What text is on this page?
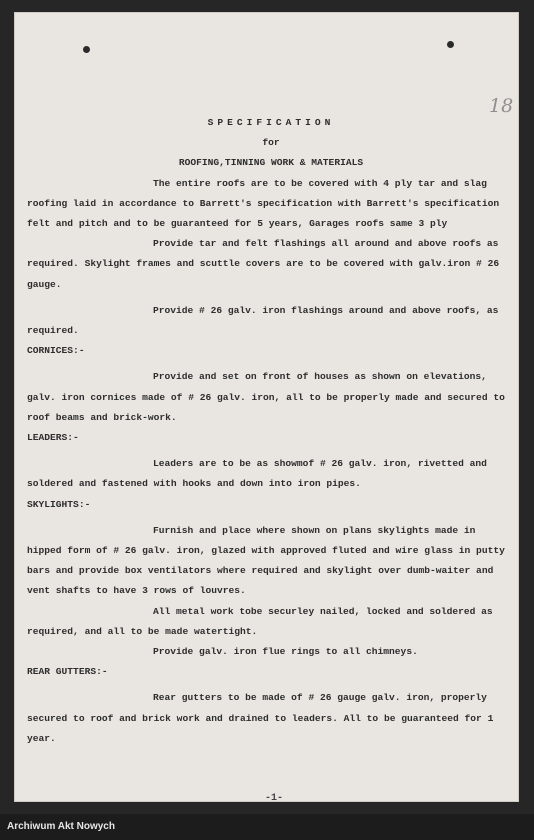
18

SPECIFICATION

for

ROOFING,TINNING WORK & MATERIALS

The entire roofs are to be covered with 4 ply tar and slag roofing laid in accordance to Barrett's specification with Barrett's specification felt and pitch and to be guaranteed for 5 years, Garages roofs same 3 ply

Provide tar and felt flashings all around and above roofs as required. Skylight frames and scuttle covers are to be covered with galv.iron # 26 gauge.

Provide # 26 galv. iron flashings around and above roofs, as required.

CORNICES:-

Provide and set on front of houses as shown on elevations, galv. iron cornices made of # 26 galv. iron, all to be properly made and secured to roof beams and brick-work.

LEADERS:-

Leaders are to be as showmof # 26 galv. iron, rivetted and soldered and fastened with hooks and down into iron pipes.

SKYLIGHTS:-

Furnish and place where shown on plans skylights made in hipped form of # 26 galv. iron, glazed with approved fluted and wire glass in putty bars and provide box ventilators where required and skylight over dumb-waiter and vent shafts to have 3 rows of louvres.

All metal work tobe securley nailed, locked and soldered as required, and all to be made watertight.

Provide galv. iron flue rings to all chimneys.

REAR GUTTERS:-

Rear gutters to be made of # 26 gauge galv. iron, properly secured to roof and brick work and drained to leaders. All to be guaranteed for 1 year.

-1-
Archiwum Akt Nowych
